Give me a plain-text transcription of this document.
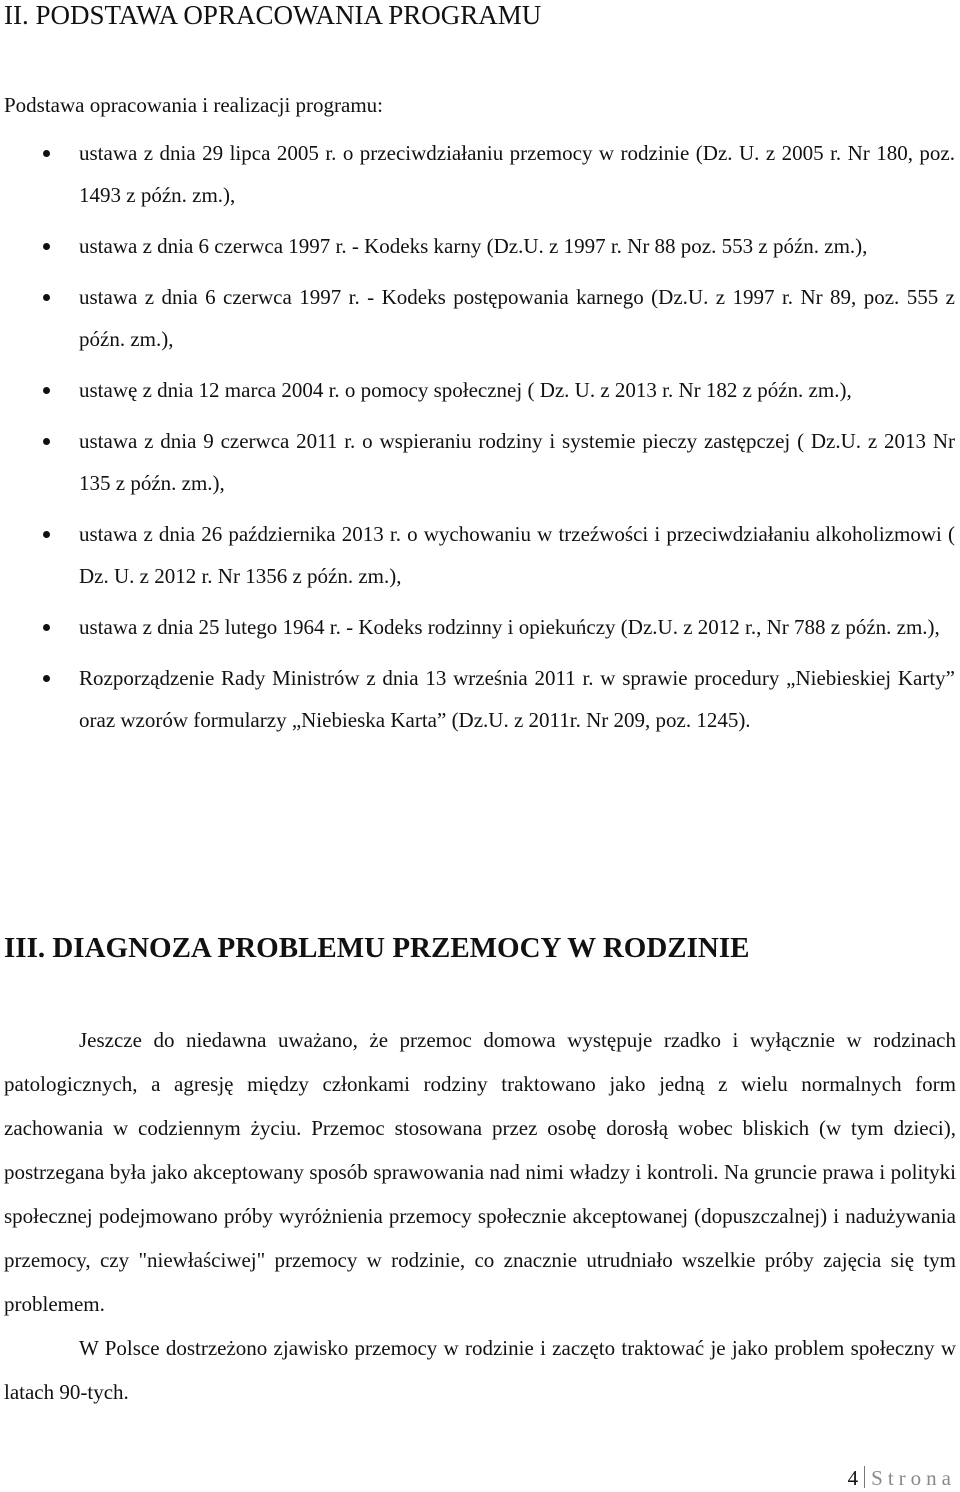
II. PODSTAWA OPRACOWANIA PROGRAMU
Podstawa opracowania i realizacji programu:
ustawa z dnia 29 lipca 2005 r. o przeciwdziałaniu przemocy w rodzinie (Dz. U. z 2005 r. Nr 180, poz. 1493 z późn. zm.),
ustawa z dnia 6 czerwca 1997 r. - Kodeks karny (Dz.U. z 1997 r. Nr 88 poz. 553 z późn. zm.),
ustawa z dnia 6 czerwca 1997 r. - Kodeks postępowania karnego (Dz.U. z 1997 r. Nr 89, poz. 555 z późn. zm.),
ustawę z dnia 12 marca 2004 r. o pomocy społecznej ( Dz. U. z 2013 r. Nr 182 z późn. zm.),
ustawa z dnia 9 czerwca 2011 r. o wspieraniu rodziny i systemie pieczy zastępczej ( Dz.U. z 2013 Nr 135 z późn. zm.),
ustawa z dnia 26 października 2013 r. o wychowaniu w trzeźwości i przeciwdziałaniu alkoholizmowi ( Dz. U. z 2012 r. Nr 1356 z późn. zm.),
ustawa z dnia 25 lutego 1964 r. - Kodeks rodzinny i opiekuńczy (Dz.U. z 2012 r., Nr 788 z późn. zm.),
Rozporządzenie Rady Ministrów z dnia 13 września 2011 r. w sprawie procedury „Niebieskiej Karty” oraz wzorów formularzy „Niebieska Karta” (Dz.U. z 2011r. Nr 209, poz. 1245).
III. DIAGNOZA PROBLEMU PRZEMOCY W RODZINIE

Jeszcze do niedawna uważano, że przemoc domowa występuje rzadko i wyłącznie w rodzinach patologicznych, a agresję między członkami rodziny traktowano jako jedną z wielu normalnych form zachowania w codziennym życiu. Przemoc stosowana przez osobę dorosłą wobec bliskich (w tym dzieci), postrzegana była jako akceptowany sposób sprawowania nad nimi władzy i kontroli. Na gruncie prawa i polityki społecznej podejmowano próby wyróżnienia przemocy społecznie akceptowanej (dopuszczalnej) i nadużywania przemocy, czy "niewłaściwej" przemocy w rodzinie, co znacznie utrudniało wszelkie próby zajęcia się tym problemem.

W Polsce dostrzeżono zjawisko przemocy w rodzinie i zaczęto traktować je jako problem społeczny w latach 90-tych.

4 Strona
